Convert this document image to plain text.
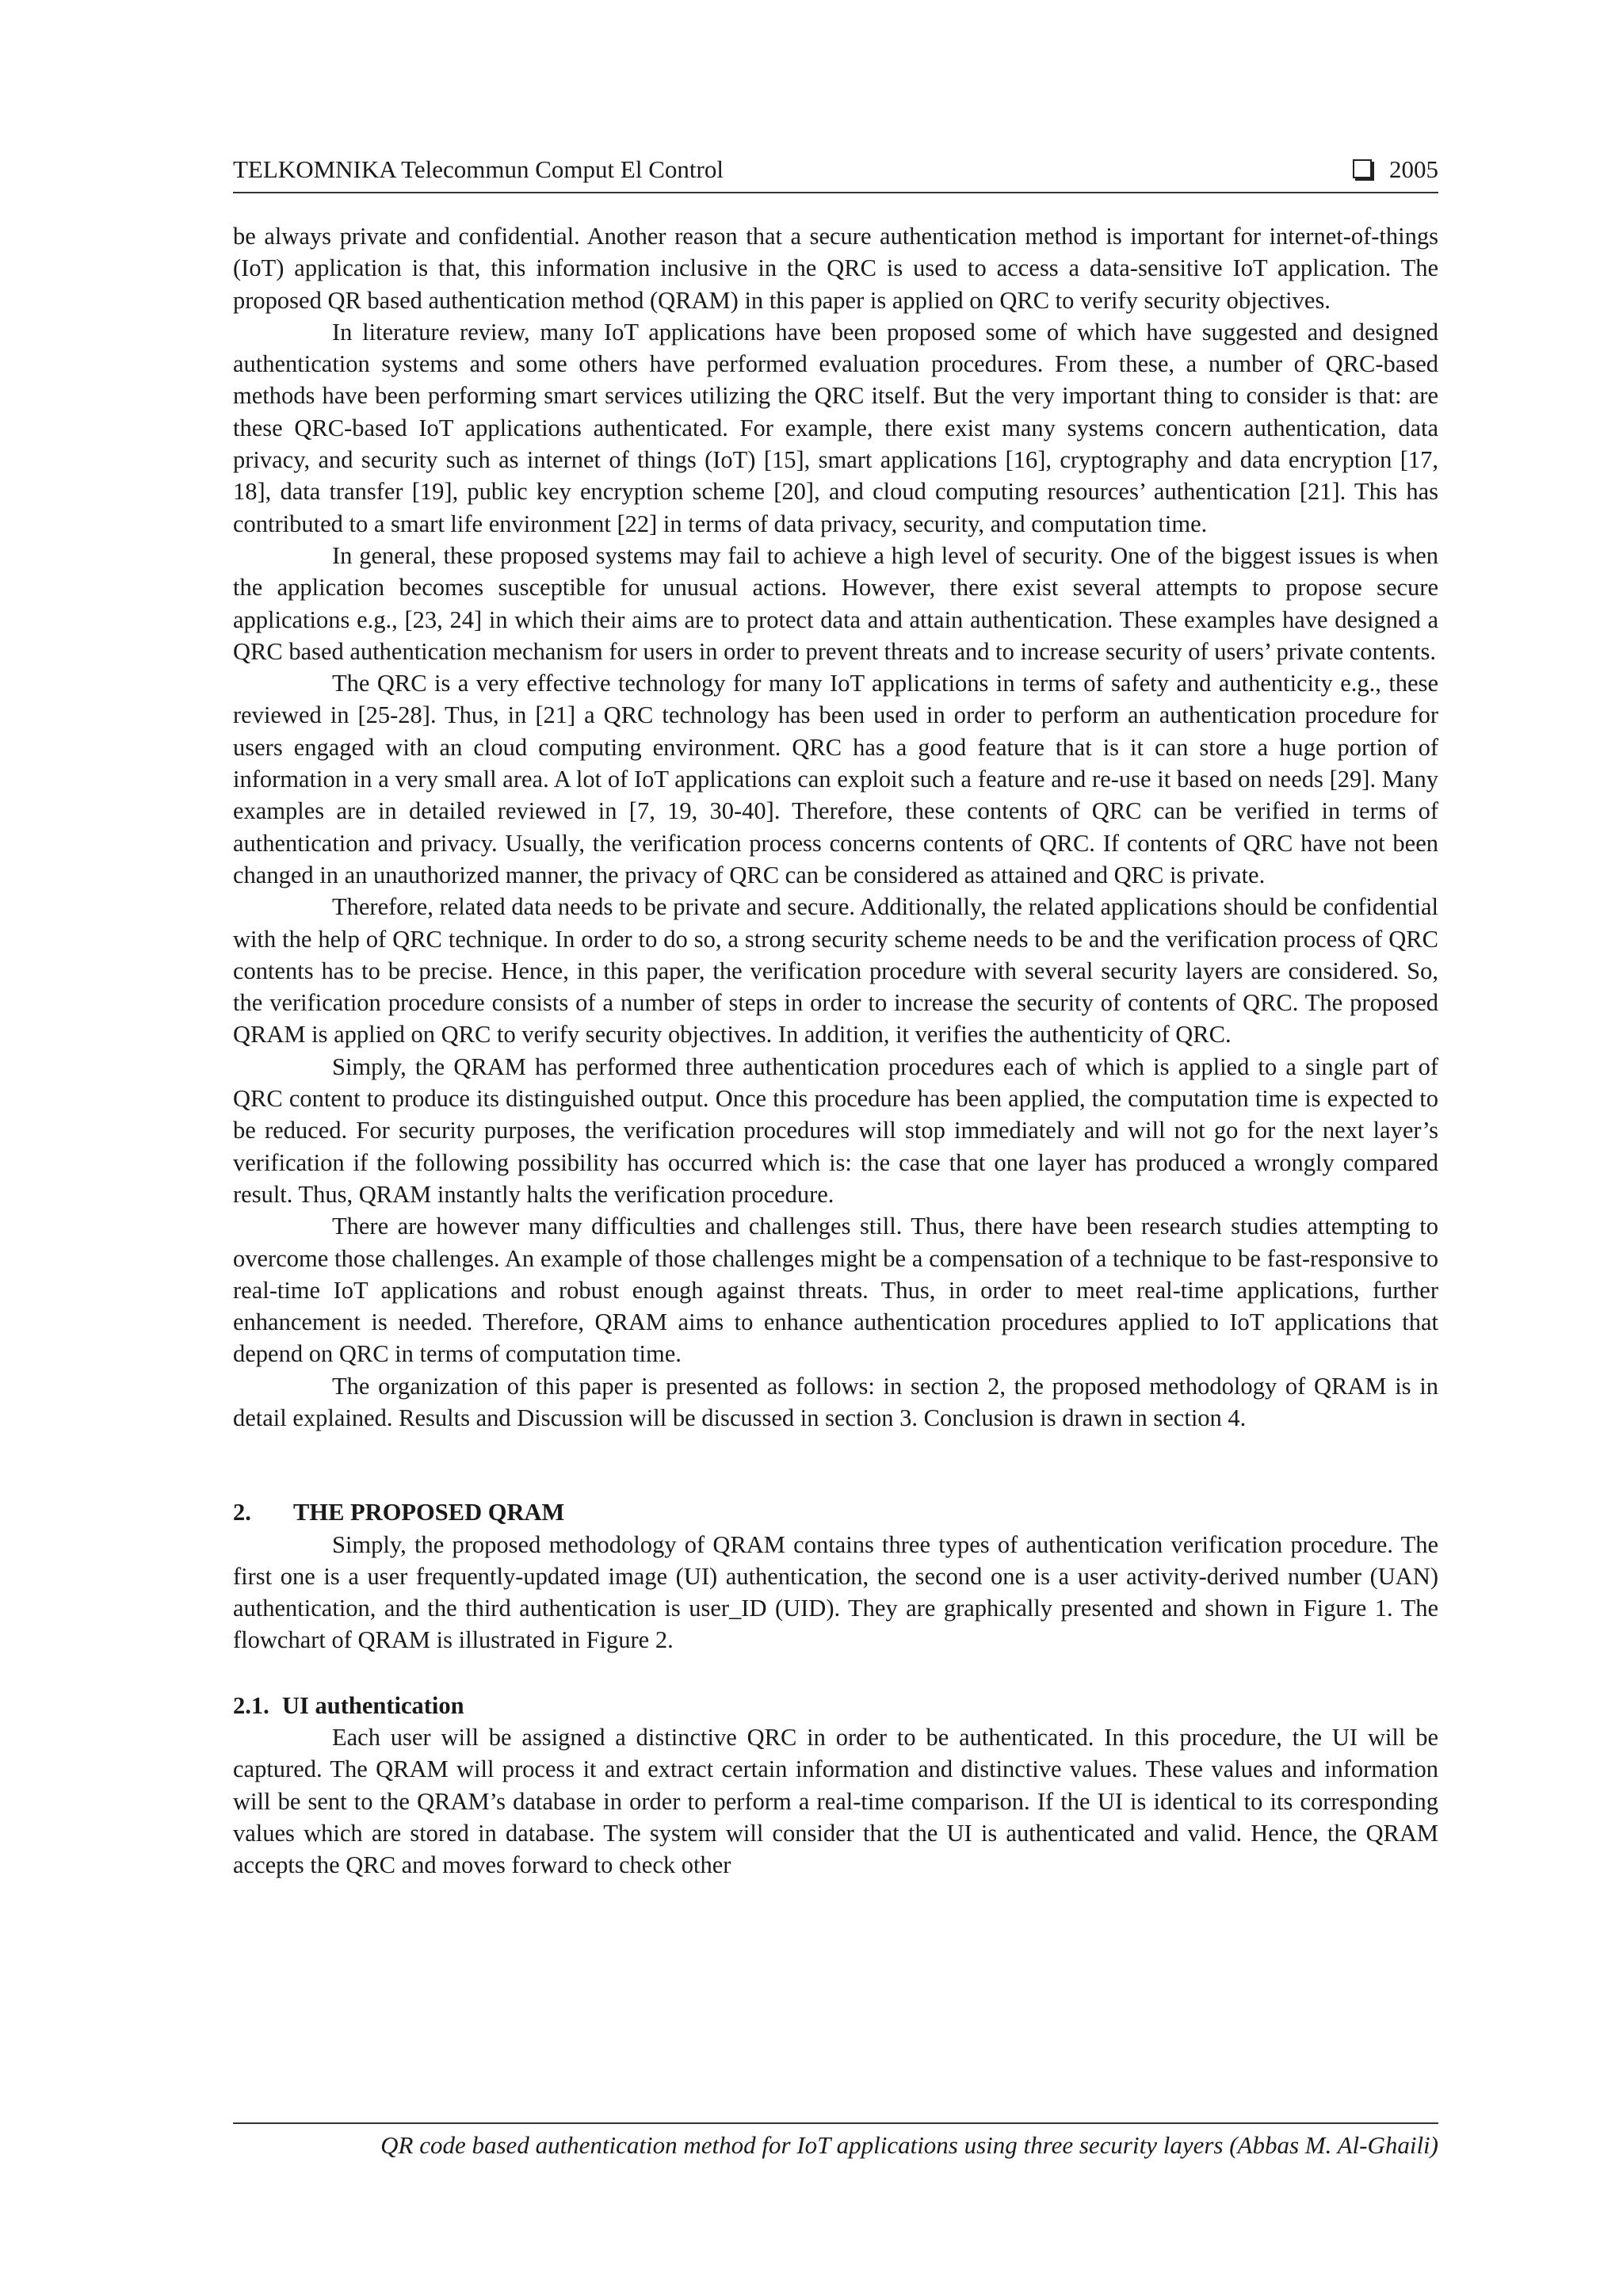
TELKOMNIKA Telecommun Comput El Control	2005

be always private and confidential. Another reason that a secure authentication method is important for internet-of-things (IoT) application is that, this information inclusive in the QRC is used to access a data-sensitive IoT application. The proposed QR based authentication method (QRAM) in this paper is applied on QRC to verify security objectives.

In literature review, many IoT applications have been proposed some of which have suggested and designed authentication systems and some others have performed evaluation procedures. From these, a number of QRC-based methods have been performing smart services utilizing the QRC itself. But the very important thing to consider is that: are these QRC-based IoT applications authenticated. For example, there exist many systems concern authentication, data privacy, and security such as internet of things (IoT) [15], smart applications [16], cryptography and data encryption [17, 18], data transfer [19], public key encryption scheme [20], and cloud computing resources’ authentication [21]. This has contributed to a smart life environment [22] in terms of data privacy, security, and computation time.

In general, these proposed systems may fail to achieve a high level of security. One of the biggest issues is when the application becomes susceptible for unusual actions. However, there exist several attempts to propose secure applications e.g., [23, 24] in which their aims are to protect data and attain authentication. These examples have designed a QRC based authentication mechanism for users in order to prevent threats and to increase security of users’ private contents.

The QRC is a very effective technology for many IoT applications in terms of safety and authenticity e.g., these reviewed in [25-28]. Thus, in [21] a QRC technology has been used in order to perform an authentication procedure for users engaged with an cloud computing environment. QRC has a good feature that is it can store a huge portion of information in a very small area. A lot of IoT applications can exploit such a feature and re-use it based on needs [29]. Many examples are in detailed reviewed in [7, 19, 30-40]. Therefore, these contents of QRC can be verified in terms of authentication and privacy. Usually, the verification process concerns contents of QRC. If contents of QRC have not been changed in an unauthorized manner, the privacy of QRC can be considered as attained and QRC is private.

Therefore, related data needs to be private and secure. Additionally, the related applications should be confidential with the help of QRC technique. In order to do so, a strong security scheme needs to be and the verification process of QRC contents has to be precise. Hence, in this paper, the verification procedure with several security layers are considered. So, the verification procedure consists of a number of steps in order to increase the security of contents of QRC. The proposed QRAM is applied on QRC to verify security objectives. In addition, it verifies the authenticity of QRC.

Simply, the QRAM has performed three authentication procedures each of which is applied to a single part of QRC content to produce its distinguished output. Once this procedure has been applied, the computation time is expected to be reduced. For security purposes, the verification procedures will stop immediately and will not go for the next layer’s verification if the following possibility has occurred which is: the case that one layer has produced a wrongly compared result. Thus, QRAM instantly halts the verification procedure.

There are however many difficulties and challenges still. Thus, there have been research studies attempting to overcome those challenges. An example of those challenges might be a compensation of a technique to be fast-responsive to real-time IoT applications and robust enough against threats. Thus, in order to meet real-time applications, further enhancement is needed. Therefore, QRAM aims to enhance authentication procedures applied to IoT applications that depend on QRC in terms of computation time.

The organization of this paper is presented as follows: in section 2, the proposed methodology of QRAM is in detail explained. Results and Discussion will be discussed in section 3. Conclusion is drawn in section 4.

2. THE PROPOSED QRAM

Simply, the proposed methodology of QRAM contains three types of authentication verification procedure. The first one is a user frequently-updated image (UI) authentication, the second one is a user activity-derived number (UAN) authentication, and the third authentication is user_ID (UID). They are graphically presented and shown in Figure 1. The flowchart of QRAM is illustrated in Figure 2.

2.1. UI authentication

Each user will be assigned a distinctive QRC in order to be authenticated. In this procedure, the UI will be captured. The QRAM will process it and extract certain information and distinctive values. These values and information will be sent to the QRAM’s database in order to perform a real-time comparison. If the UI is identical to its corresponding values which are stored in database. The system will consider that the UI is authenticated and valid. Hence, the QRAM accepts the QRC and moves forward to check other

QR code based authentication method for IoT applications using three security layers (Abbas M. Al-Ghaili)
